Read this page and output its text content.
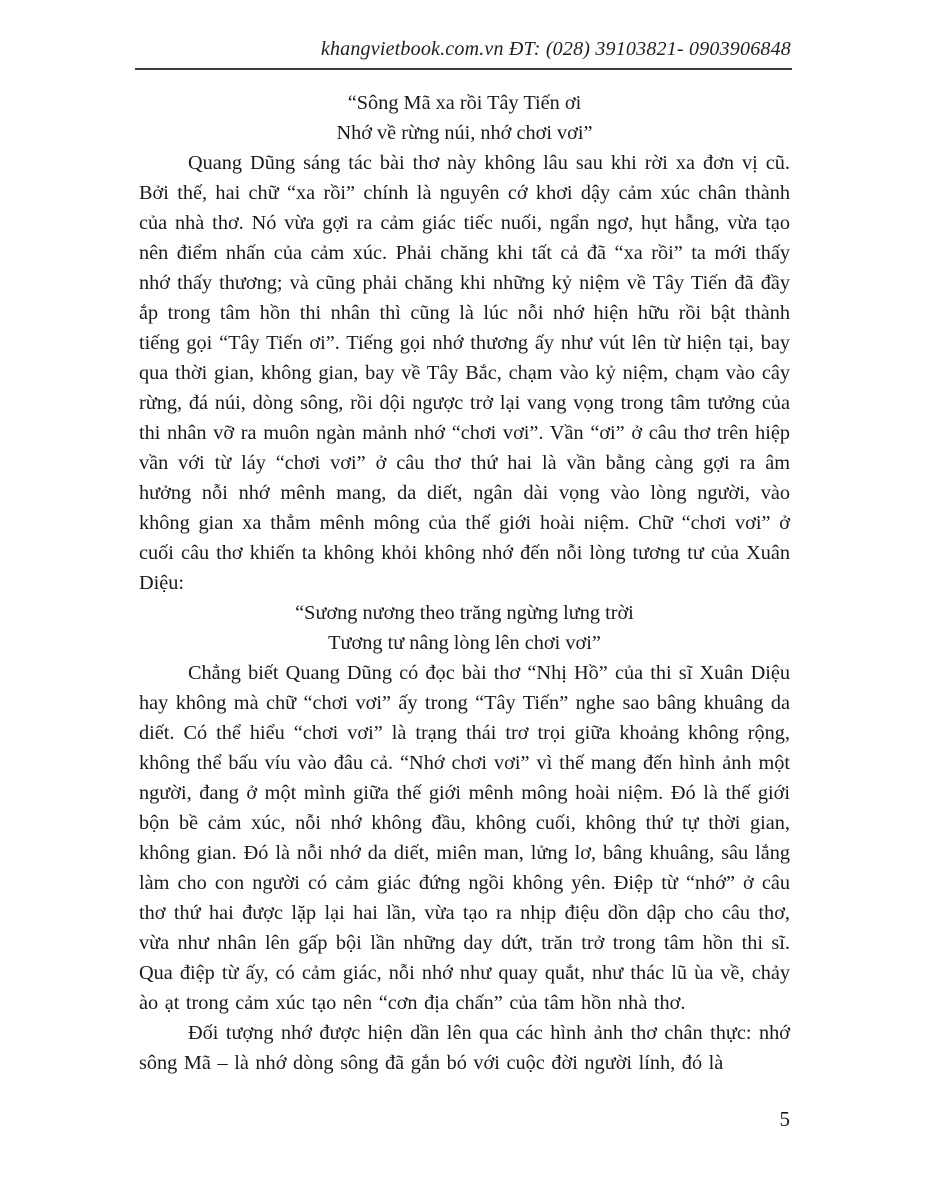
khangvietbook.com.vn ĐT: (028) 39103821- 0903906848
“Sông Mã xa rồi Tây Tiến ơi
Nhớ về rừng núi, nhớ chơi vơi”

Quang Dũng sáng tác bài thơ này không lâu sau khi rời xa đơn vị cũ. Bởi thế, hai chữ “xa rồi” chính là nguyên cớ khơi dậy cảm xúc chân thành của nhà thơ. Nó vừa gợi ra cảm giác tiếc nuối, ngẩn ngơ, hụt hẫng, vừa tạo nên điểm nhấn của cảm xúc. Phải chăng khi tất cả đã “xa rồi” ta mới thấy nhớ thấy thương; và cũng phải chăng khi những kỷ niệm về Tây Tiến đã đầy ắp trong tâm hồn thi nhân thì cũng là lúc nỗi nhớ hiện hữu rồi bật thành tiếng gọi “Tây Tiến ơi”. Tiếng gọi nhớ thương ấy như vút lên từ hiện tại, bay qua thời gian, không gian, bay về Tây Bắc, chạm vào kỷ niệm, chạm vào cây rừng, đá núi, dòng sông, rồi dội ngược trở lại vang vọng trong tâm tưởng của thi nhân vỡ ra muôn ngàn mảnh nhớ “chơi vơi”. Vần “ơi” ở câu thơ trên hiệp vần với từ láy “chơi vơi” ở câu thơ thứ hai là vần bằng càng gợi ra âm hưởng nỗi nhớ mênh mang, da diết, ngân dài vọng vào lòng người, vào không gian xa thẳm mênh mông của thế giới hoài niệm. Chữ “chơi vơi” ở cuối câu thơ khiến ta không khỏi không nhớ đến nỗi lòng tương tư của Xuân Diệu:

“Sương nương theo trăng ngừng lưng trời
Tương tư nâng lòng lên chơi vơi”

Chẳng biết Quang Dũng có đọc bài thơ “Nhị Hồ” của thi sĩ Xuân Diệu hay không mà chữ “chơi vơi” ấy trong “Tây Tiến” nghe sao bâng khuâng da diết. Có thể hiểu “chơi vơi” là trạng thái trơ trọi giữa khoảng không rộng, không thể bấu víu vào đâu cả. “Nhớ chơi vơi” vì thế mang đến hình ảnh một người, đang ở một mình giữa thế giới mênh mông hoài niệm. Đó là thế giới bộn bề cảm xúc, nỗi nhớ không đầu, không cuối, không thứ tự thời gian, không gian. Đó là nỗi nhớ da diết, miên man, lửng lơ, bâng khuâng, sâu lắng làm cho con người có cảm giác đứng ngồi không yên. Điệp từ “nhớ” ở câu thơ thứ hai được lặp lại hai lần, vừa tạo ra nhịp điệu dồn dập cho câu thơ, vừa như nhân lên gấp bội lần những day dứt, trăn trở trong tâm hồn thi sĩ. Qua điệp từ ấy, có cảm giác, nỗi nhớ như quay quắt, như thác lũ ùa về, chảy ào ạt trong cảm xúc tạo nên “cơn địa chấn” của tâm hồn nhà thơ.

Đối tượng nhớ được hiện dần lên qua các hình ảnh thơ chân thực: nhớ sông Mã – là nhớ dòng sông đã gắn bó với cuộc đời người lính, đó là

5
